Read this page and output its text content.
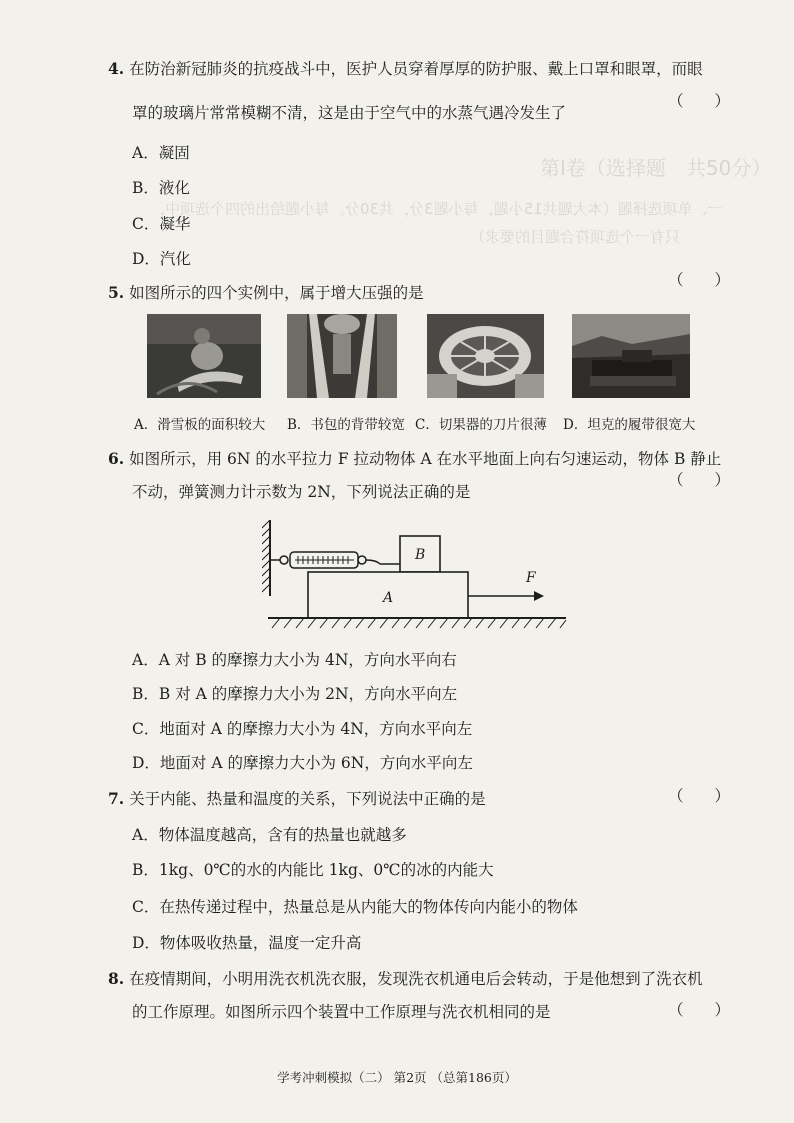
第Ⅰ卷（选择题　共50分）
一、单项选择题（本大题共15小题，每小题3分，共30分。每小题给出的四个选项中，
只有一个选项符合题目的要求）
4. 在防治新冠肺炎的抗疫战斗中，医护人员穿着厚厚的防护服、戴上口罩和眼罩，而眼
罩的玻璃片常常模糊不清，这是由于空气中的水蒸气遇冷发生了
（　　）
A．凝固
B．液化
C．凝华
D．汽化
5. 如图所示的四个实例中，属于增大压强的是
（　　）
A．滑雪板的面积较大 B．书包的背带较宽 C．切果器的刀片很薄 D．坦克的履带很宽大
6. 如图所示，用 6N 的水平拉力 F 拉动物体 A 在水平地面上向右匀速运动，物体 B 静止
不动，弹簧测力计示数为 2N，下列说法正确的是
（　　）
B
A
F
A．A 对 B 的摩擦力大小为 4N，方向水平向右
B．B 对 A 的摩擦力大小为 2N，方向水平向左
C．地面对 A 的摩擦力大小为 4N，方向水平向左
D．地面对 A 的摩擦力大小为 6N，方向水平向左
7. 关于内能、热量和温度的关系，下列说法中正确的是	（　　）
A．物体温度越高，含有的热量也就越多
B．1kg、0℃的水的内能比 1kg、0℃的冰的内能大
C．在热传递过程中，热量总是从内能大的物体传向内能小的物体
D．物体吸收热量，温度一定升高
8. 在疫情期间，小明用洗衣机洗衣服，发现洗衣机通电后会转动，于是他想到了洗衣机
的工作原理。如图所示四个装置中工作原理与洗衣机相同的是	（　　）
学考冲刺模拟（二） 第2页 （总第186页）
